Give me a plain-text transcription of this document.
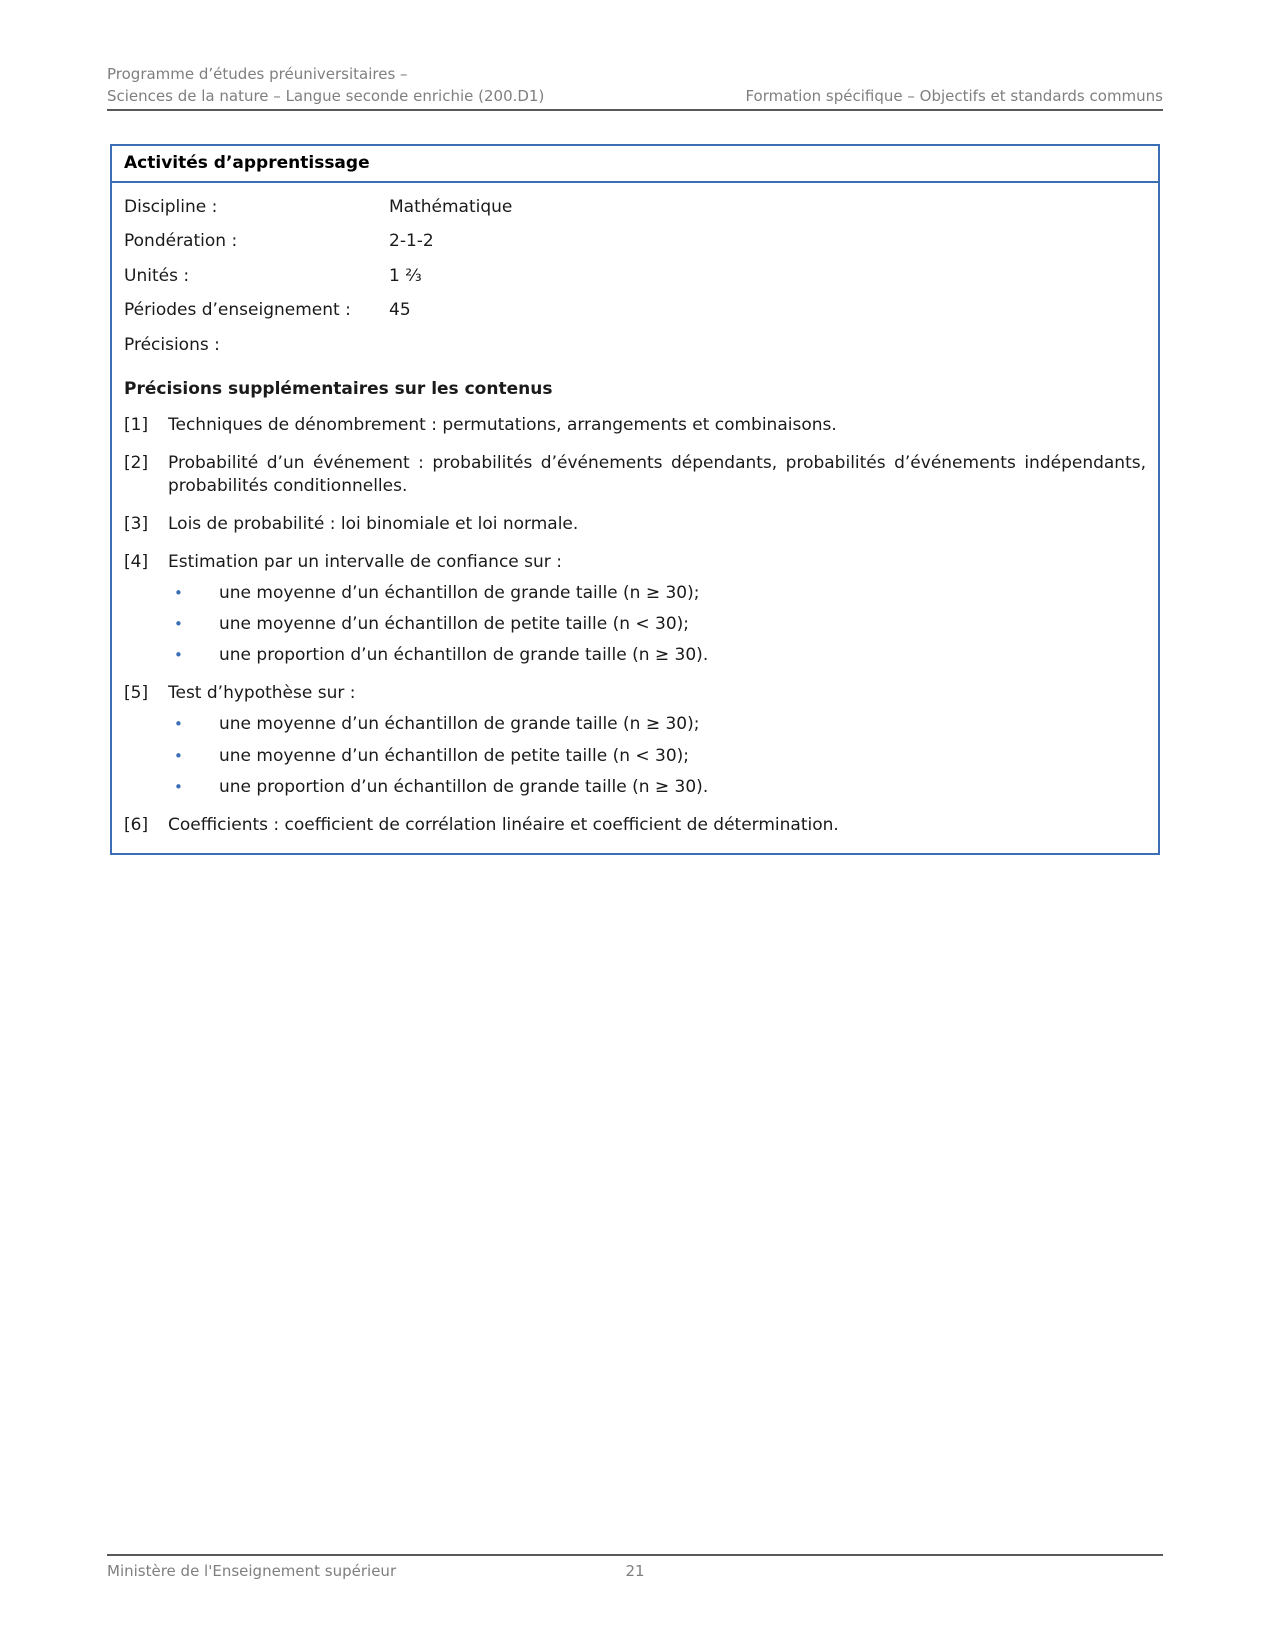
Programme d’études préuniversitaires –
Sciences de la nature – Langue seconde enrichie (200.D1)	Formation spécifique – Objectifs et standards communs
Activités d’apprentissage
Discipline :	Mathématique
Pondération :	2-1-2
Unités :	1 ⅔
Périodes d’enseignement :	45
Précisions :
Précisions supplémentaires sur les contenus
[1]	Techniques de dénombrement : permutations, arrangements et combinaisons.
[2]	Probabilité d’un événement : probabilités d’événements dépendants, probabilités d’événements indépendants, probabilités conditionnelles.
[3]	Lois de probabilité : loi binomiale et loi normale.
[4]	Estimation par un intervalle de confiance sur :
•	une moyenne d’un échantillon de grande taille (n ≥ 30);
•	une moyenne d’un échantillon de petite taille (n < 30);
•	une proportion d’un échantillon de grande taille (n ≥ 30).
[5]	Test d’hypothèse sur :
•	une moyenne d’un échantillon de grande taille (n ≥ 30);
•	une moyenne d’un échantillon de petite taille (n < 30);
•	une proportion d’un échantillon de grande taille (n ≥ 30).
[6]	Coefficients : coefficient de corrélation linéaire et coefficient de détermination.
Ministère de l'Enseignement supérieur	21
